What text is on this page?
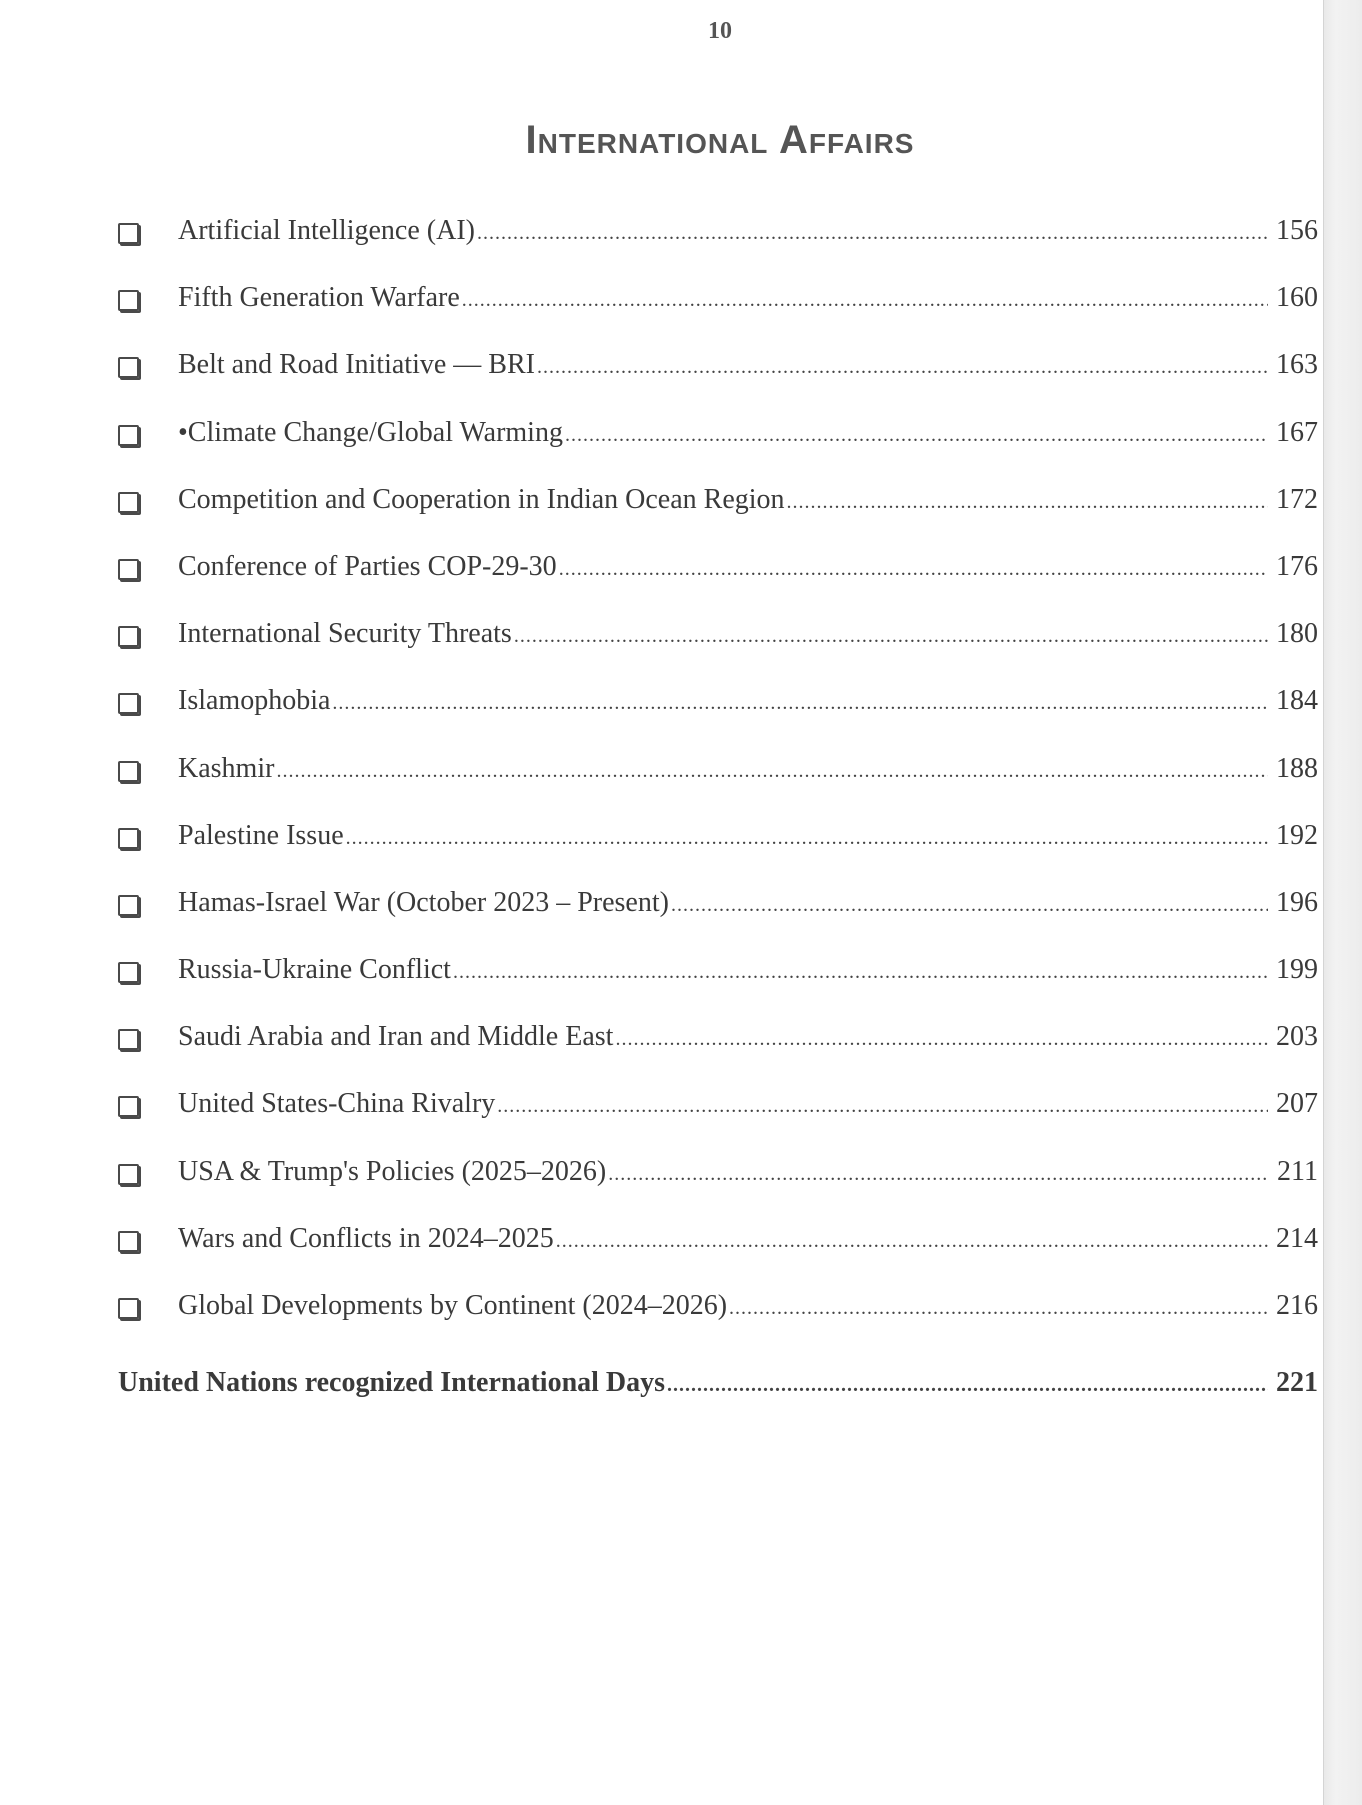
10
International Affairs
Artificial Intelligence (AI) .....	156
Fifth Generation Warfare .....	160
Belt and Road Initiative — BRI .....	163
•Climate Change/Global Warming .....	167
Competition and Cooperation in Indian Ocean Region .....	172
Conference of Parties COP-29-30 .....	176
International Security Threats .....	180
Islamophobia .....	184
Kashmir .....	188
Palestine Issue .....	192
Hamas-Israel War (October 2023 – Present) .....	196
Russia-Ukraine Conflict .....	199
Saudi Arabia and Iran and Middle East .....	203
United States-China Rivalry .....	207
USA & Trump's Policies (2025–2026) .....	211
Wars and Conflicts in 2024–2025 .....	214
Global Developments by Continent (2024–2026) .....	216
United Nations recognized International Days .....	221
